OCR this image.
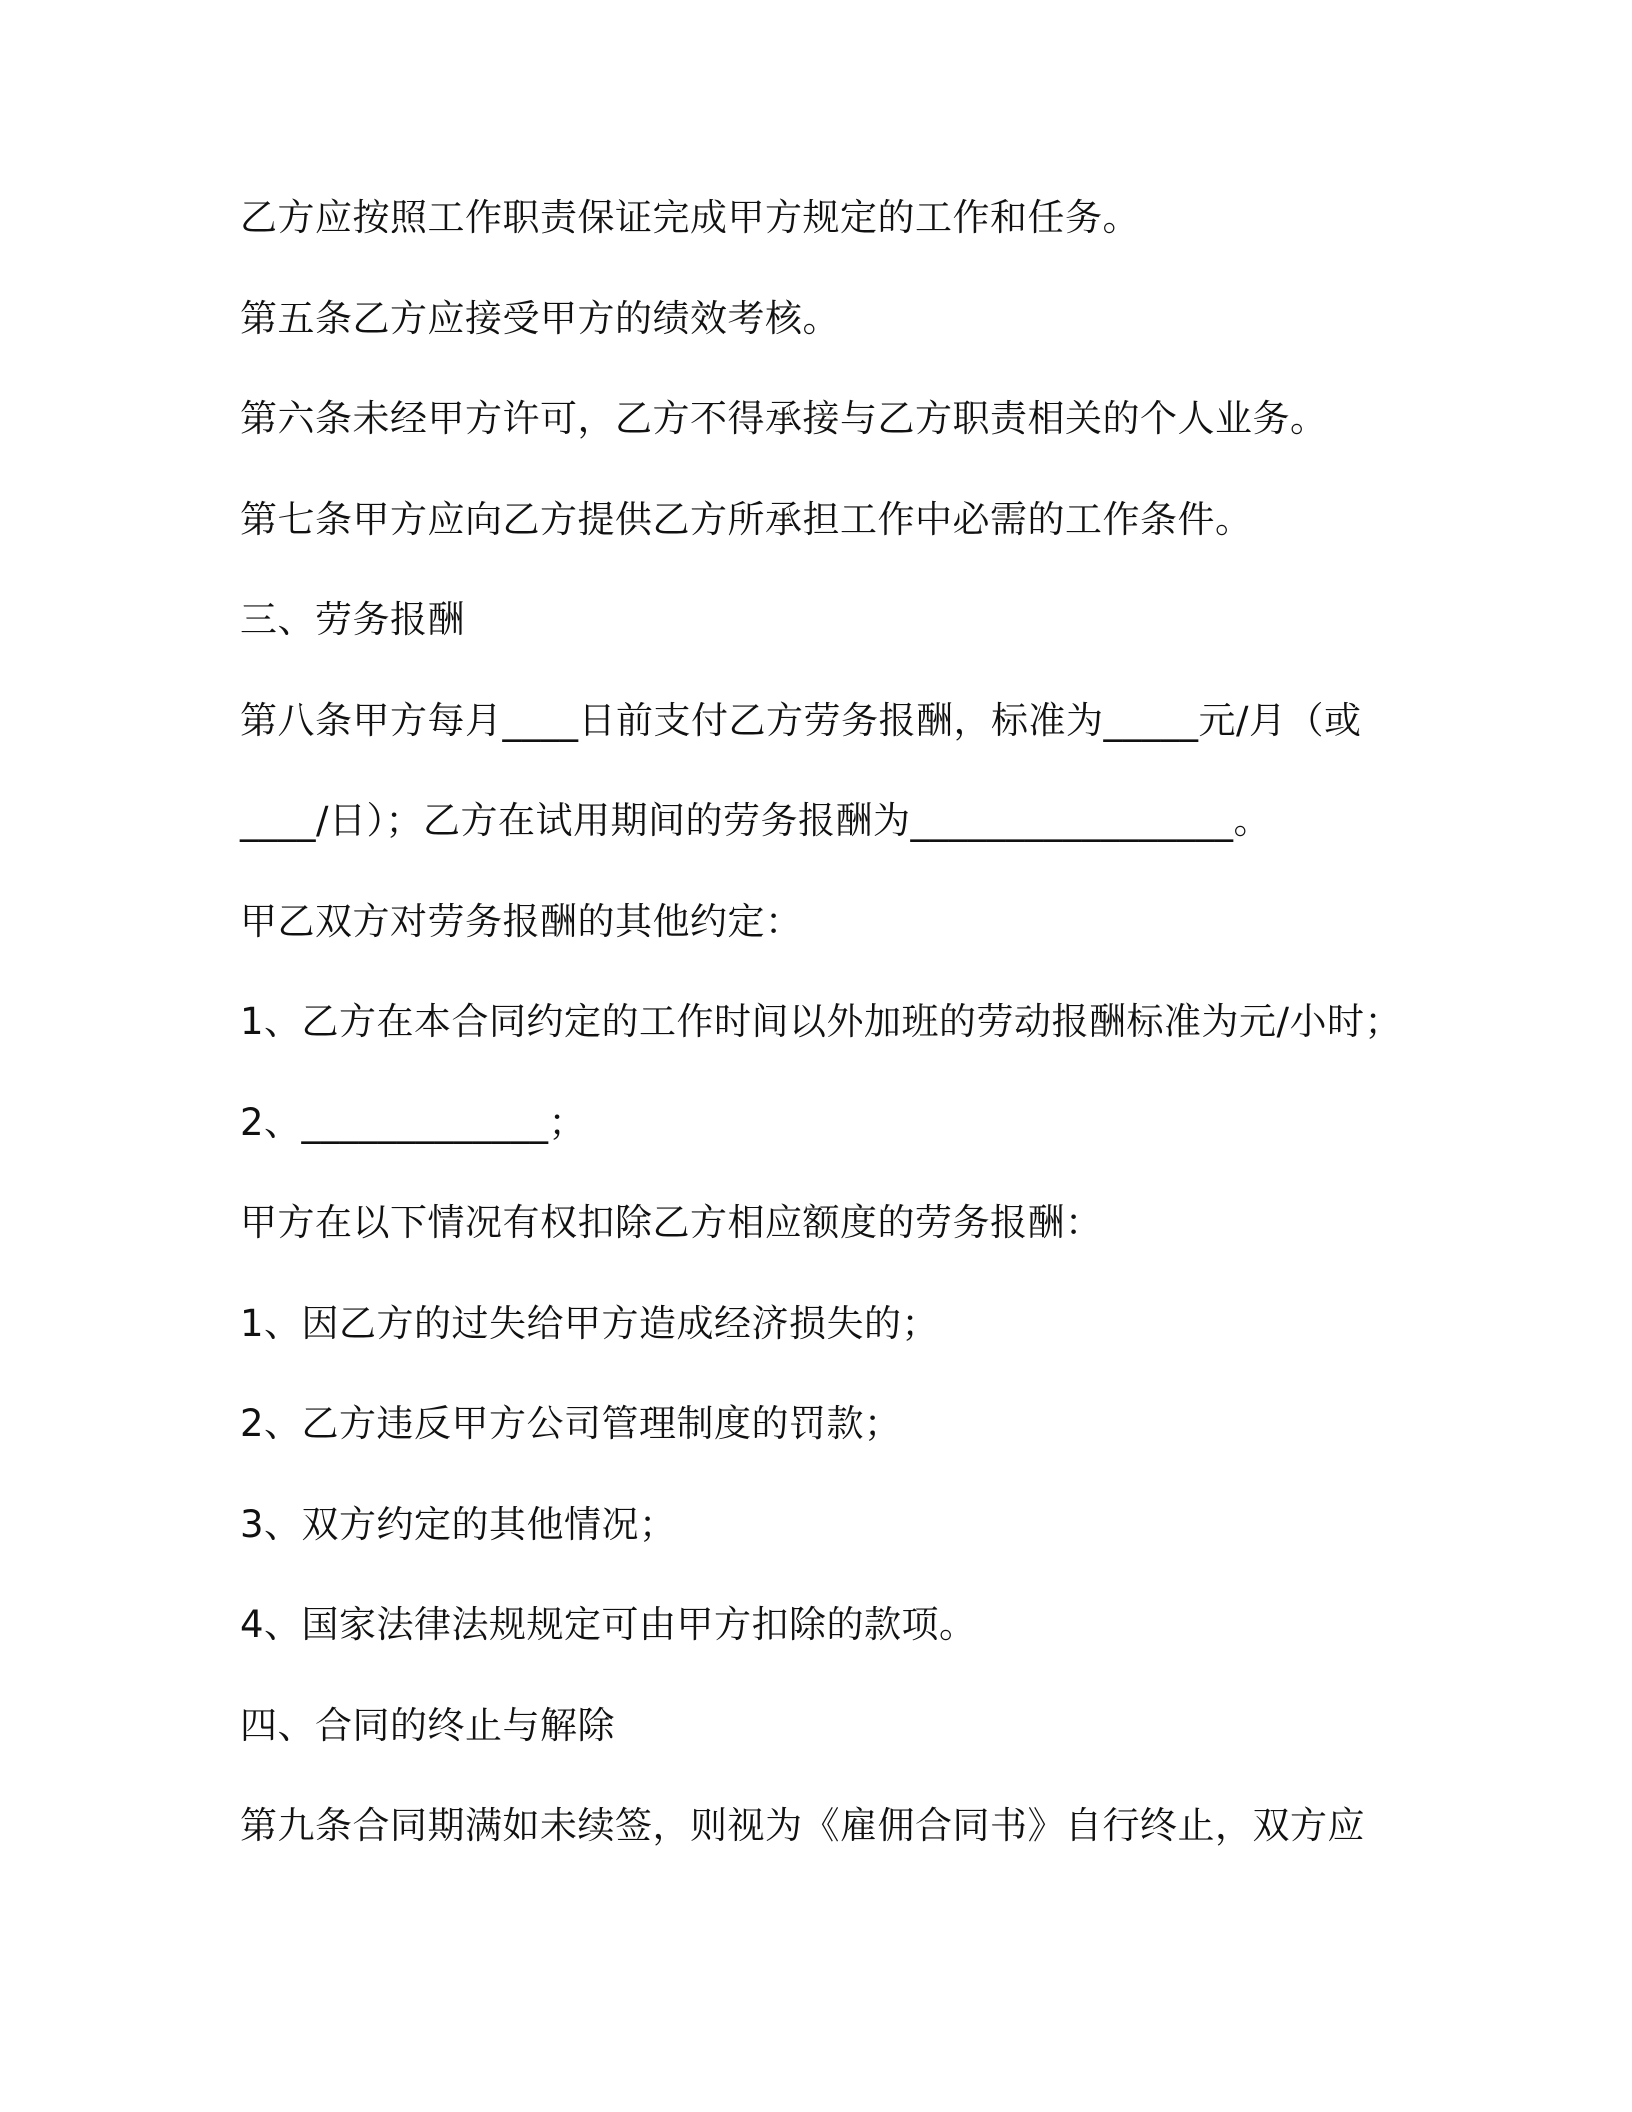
乙方应按照工作职责保证完成甲方规定的工作和任务。
第五条乙方应接受甲方的绩效考核。
第六条未经甲方许可，乙方不得承接与乙方职责相关的个人业务。
第七条甲方应向乙方提供乙方所承担工作中必需的工作条件。
三、劳务报酬
第八条甲方每月____日前支付乙方劳务报酬，标准为_____元/月（或
____/日）；乙方在试用期间的劳务报酬为_________________。
甲乙双方对劳务报酬的其他约定：
1、乙方在本合同约定的工作时间以外加班的劳动报酬标准为元/小时；
2、_____________；
甲方在以下情况有权扣除乙方相应额度的劳务报酬：
1、因乙方的过失给甲方造成经济损失的；
2、乙方违反甲方公司管理制度的罚款；
3、双方约定的其他情况；
4、国家法律法规规定可由甲方扣除的款项。
四、合同的终止与解除
第九条合同期满如未续签，则视为《雇佣合同书》自行终止，双方应
